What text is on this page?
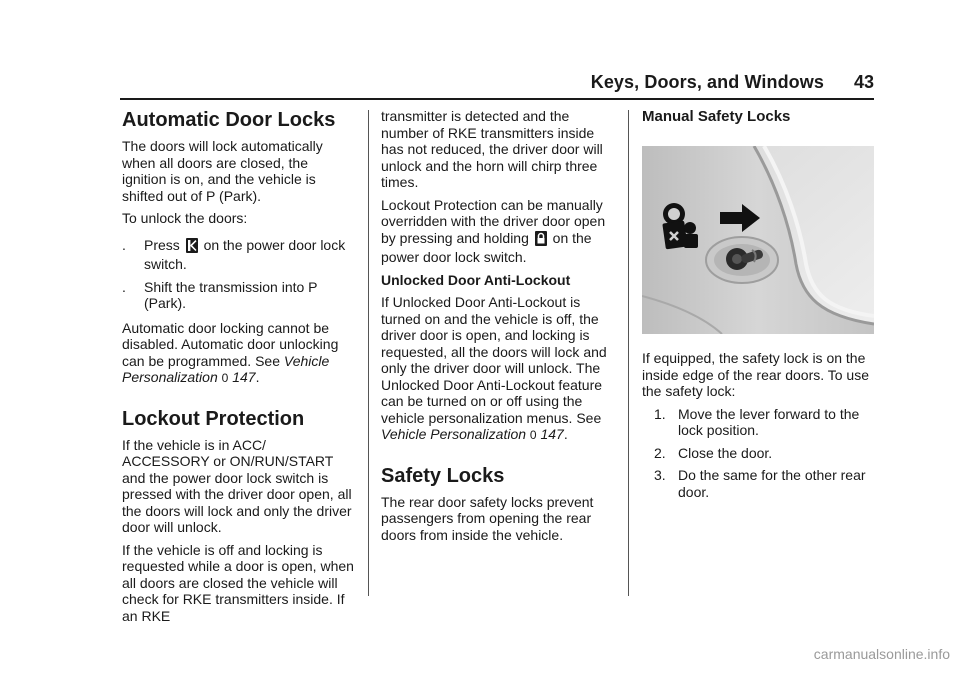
Keys, Doors, and Windows	43
Automatic Door Locks

The doors will lock automatically when all doors are closed, the ignition is on, and the vehicle is shifted out of P (Park).

To unlock the doors:

.	Press on the power door lock switch.
.	Shift the transmission into P (Park).

Automatic door locking cannot be disabled. Automatic door unlocking can be programmed. See Vehicle Personalization 0 147.

Lockout Protection

If the vehicle is in ACC/ ACCESSORY or ON/RUN/START and the power door lock switch is pressed with the driver door open, all the doors will lock and only the driver door will unlock.

If the vehicle is off and locking is requested while a door is open, when all doors are closed the vehicle will check for RKE transmitters inside. If an RKE

transmitter is detected and the number of RKE transmitters inside has not reduced, the driver door will unlock and the horn will chirp three times.

Lockout Protection can be manually overridden with the driver door open by pressing and holding on the power door lock switch.

Unlocked Door Anti-Lockout

If Unlocked Door Anti-Lockout is turned on and the vehicle is off, the driver door is open, and locking is requested, all the doors will lock and only the driver door will unlock. The Unlocked Door Anti-Lockout feature can be turned on or off using the vehicle personalization menus. See Vehicle Personalization 0 147.

Safety Locks

The rear door safety locks prevent passengers from opening the rear doors from inside the vehicle.

Manual Safety Locks

If equipped, the safety lock is on the inside edge of the rear doors. To use the safety lock:

1. Move the lever forward to the lock position.
2. Close the door.
3. Do the same for the other rear door.
carmanualsonline.info
